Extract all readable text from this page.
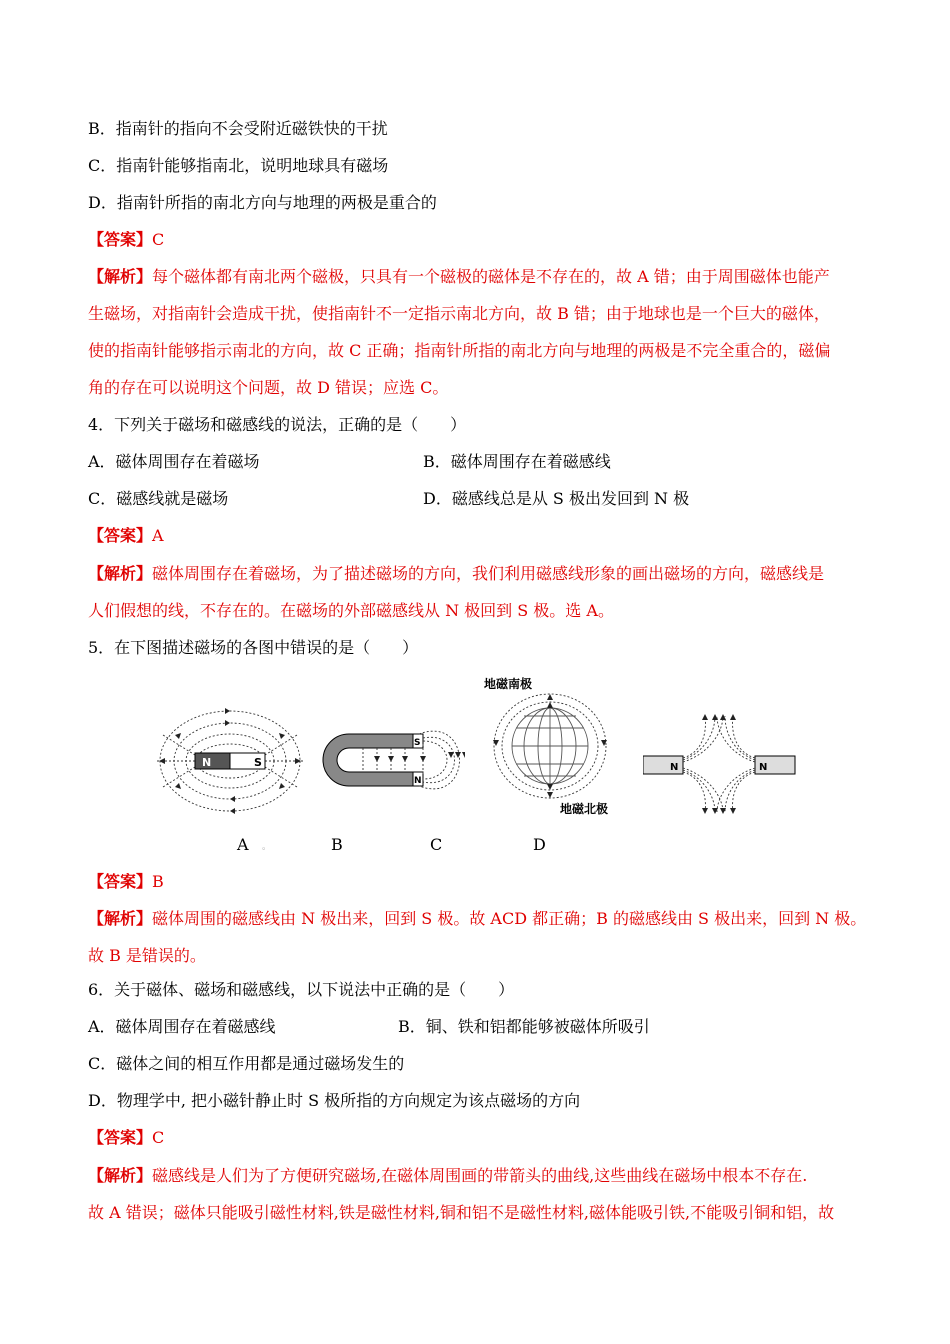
B．指南针的指向不会受附近磁铁快的干扰
C．指南针能够指南北，说明地球具有磁场
D．指南针所指的南北方向与地理的两极是重合的
【答案】C
【解析】每个磁体都有南北两个磁极，只具有一个磁极的磁体是不存在的，故 A 错；由于周围磁体也能产
生磁场，对指南针会造成干扰，使指南针不一定指示南北方向，故 B 错；由于地球也是一个巨大的磁体，
使的指南针能够指示南北的方向，故 C 正确；指南针所指的南北方向与地理的两极是不完全重合的，磁偏
角的存在可以说明这个问题，故 D 错误；应选 C。
4．下列关于磁场和磁感线的说法，正确的是（　　）
A．磁体周围存在着磁场	B．磁体周围存在着磁感线
C．磁感线就是磁场	D．磁感线总是从 S 极出发回到 N 极
【答案】A
【解析】磁体周围存在着磁场，为了描述磁场的方向，我们利用磁感线形象的画出磁场的方向，磁感线是
人们假想的线，不存在的。在磁场的外部磁感线从 N 极回到 S 极。选 A。
5．在下图描述磁场的各图中错误的是（　　）
N	S
S
N
地磁南极
地磁北极
N	N
A 。	B	C	D
【答案】B
【解析】磁体周围的磁感线由 N 极出来，回到 S 极。故 ACD 都正确；B 的磁感线由 S 极出来，回到 N 极。
故 B 是错误的。
6．关于磁体、磁场和磁感线，以下说法中正确的是（　　）
A．磁体周围存在着磁感线	B．铜、铁和铝都能够被磁体所吸引
C．磁体之间的相互作用都是通过磁场发生的
D．物理学中, 把小磁针静止时 S 极所指的方向规定为该点磁场的方向
【答案】C
【解析】磁感线是人们为了方便研究磁场,在磁体周围画的带箭头的曲线,这些曲线在磁场中根本不存在.
故 A 错误；磁体只能吸引磁性材料,铁是磁性材料,铜和铝不是磁性材料,磁体能吸引铁,不能吸引铜和铝，故
